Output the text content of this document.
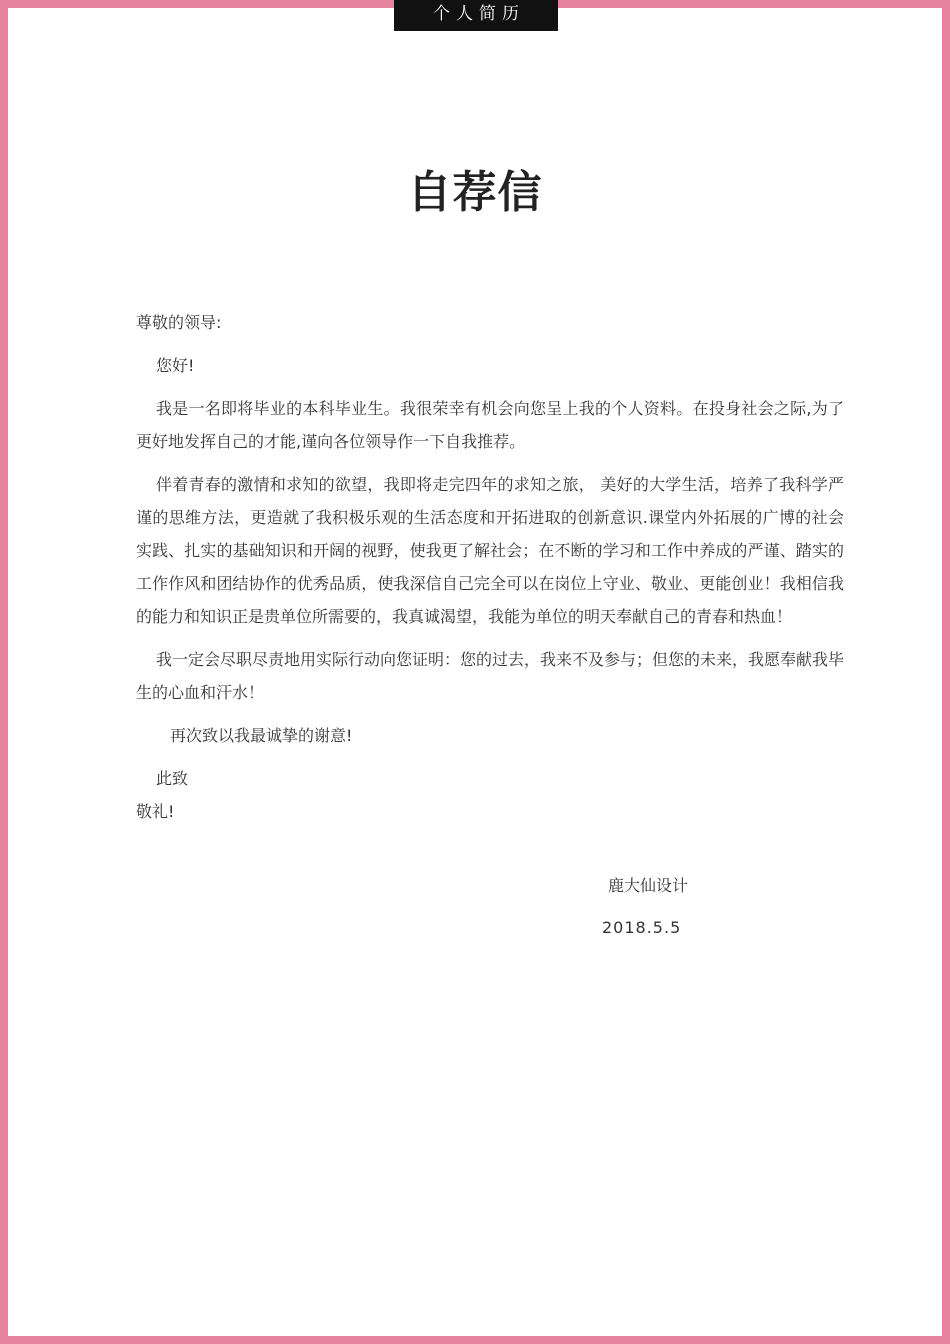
个人简历
自荐信

尊敬的领导:

您好!

我是一名即将毕业的本科毕业生。我很荣幸有机会向您呈上我的个人资料。在投身社会之际,为了更好地发挥自己的才能,谨向各位领导作一下自我推荐。

伴着青春的激情和求知的欲望，我即将走完四年的求知之旅， 美好的大学生活，培养了我科学严谨的思维方法，更造就了我积极乐观的生活态度和开拓进取的创新意识.课堂内外拓展的广博的社会实践、扎实的基础知识和开阔的视野，使我更了解社会；在不断的学习和工作中养成的严谨、踏实的工作作风和团结协作的优秀品质，使我深信自己完全可以在岗位上守业、敬业、更能创业！我相信我的能力和知识正是贵单位所需要的，我真诚渴望，我能为单位的明天奉献自己的青春和热血！

我一定会尽职尽责地用实际行动向您证明：您的过去，我来不及参与；但您的未来，我愿奉献我毕生的心血和汗水！

再次致以我最诚挚的谢意!

此致

敬礼!

鹿大仙设计
2018.5.5
